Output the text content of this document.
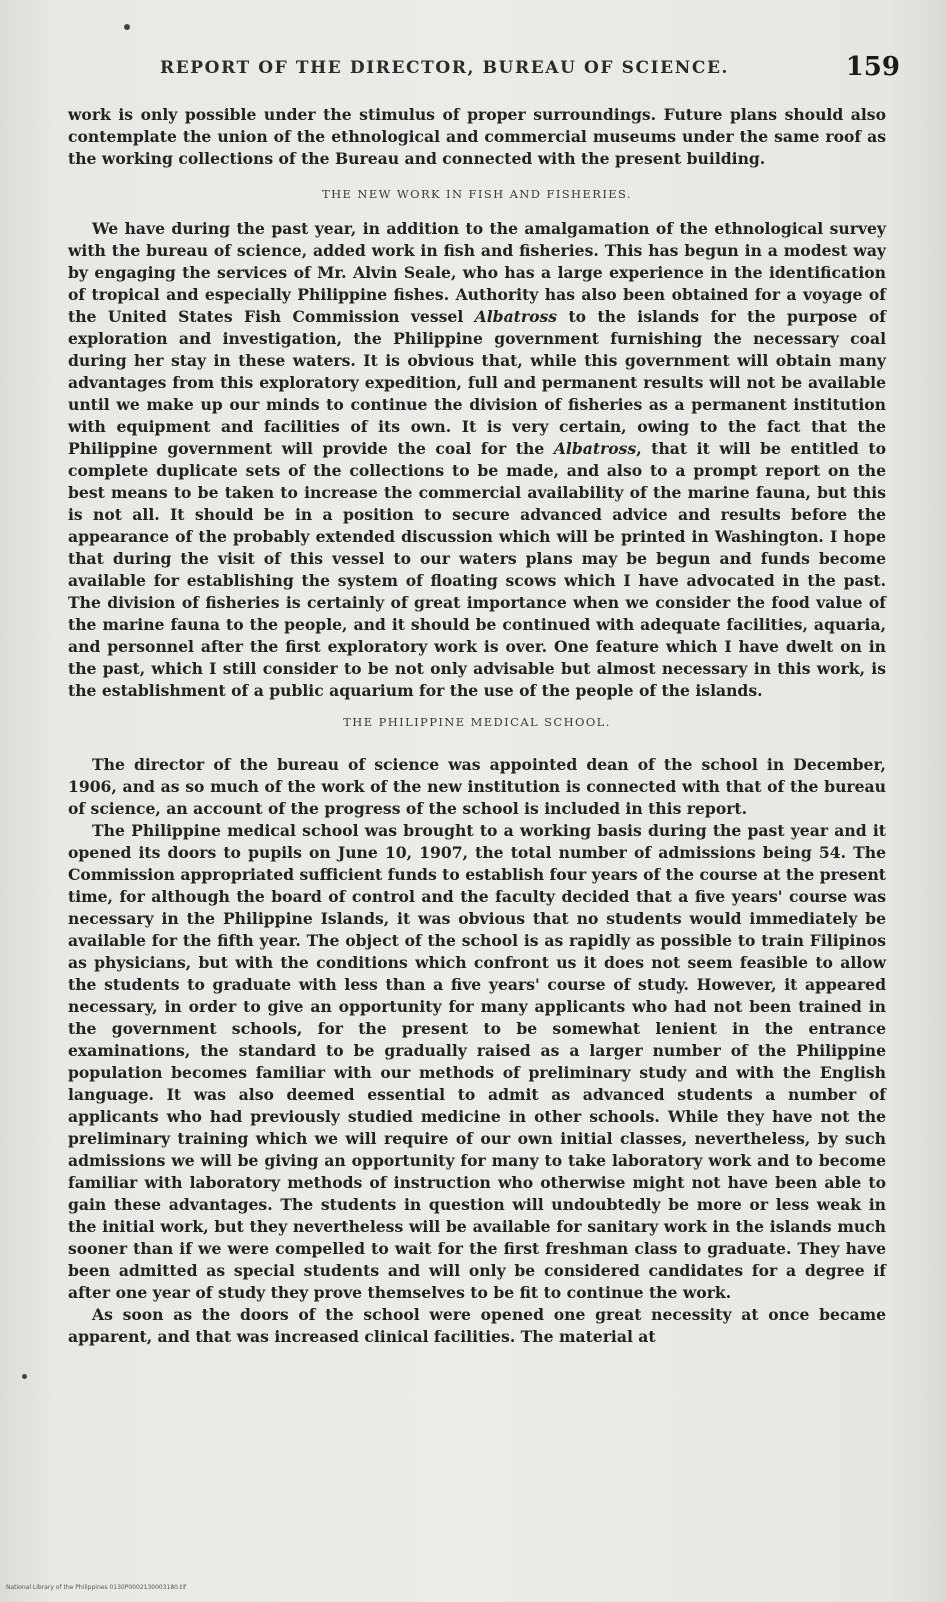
REPORT OF THE DIRECTOR, BUREAU OF SCIENCE.	159

work is only possible under the stimulus of proper surroundings. Future plans should also contemplate the union of the ethnological and commercial museums under the same roof as the working collections of the Bureau and connected with the present building.

THE NEW WORK IN FISH AND FISHERIES.

We have during the past year, in addition to the amalgamation of the ethnological survey with the bureau of science, added work in fish and fisheries. This has begun in a modest way by engaging the services of Mr. Alvin Seale, who has a large experience in the identification of tropical and especially Philippine fishes. Authority has also been obtained for a voyage of the United States Fish Commission vessel Albatross to the islands for the purpose of exploration and investigation, the Philippine government furnishing the necessary coal during her stay in these waters. It is obvious that, while this government will obtain many advantages from this exploratory expedition, full and permanent results will not be available until we make up our minds to continue the division of fisheries as a permanent institution with equipment and facilities of its own. It is very certain, owing to the fact that the Philippine government will provide the coal for the Albatross, that it will be entitled to complete duplicate sets of the collections to be made, and also to a prompt report on the best means to be taken to increase the commercial availability of the marine fauna, but this is not all. It should be in a position to secure advanced advice and results before the appearance of the probably extended discussion which will be printed in Washington. I hope that during the visit of this vessel to our waters plans may be begun and funds become available for establishing the system of floating scows which I have advocated in the past. The division of fisheries is certainly of great importance when we consider the food value of the marine fauna to the people, and it should be continued with adequate facilities, aquaria, and personnel after the first exploratory work is over. One feature which I have dwelt on in the past, which I still consider to be not only advisable but almost necessary in this work, is the establishment of a public aquarium for the use of the people of the islands.

THE PHILIPPINE MEDICAL SCHOOL.

The director of the bureau of science was appointed dean of the school in December, 1906, and as so much of the work of the new institution is connected with that of the bureau of science, an account of the progress of the school is included in this report.

The Philippine medical school was brought to a working basis during the past year and it opened its doors to pupils on June 10, 1907, the total number of admissions being 54. The Commission appropriated sufficient funds to establish four years of the course at the present time, for although the board of control and the faculty decided that a five years' course was necessary in the Philippine Islands, it was obvious that no students would immediately be available for the fifth year. The object of the school is as rapidly as possible to train Filipinos as physicians, but with the conditions which confront us it does not seem feasible to allow the students to graduate with less than a five years' course of study. However, it appeared necessary, in order to give an opportunity for many applicants who had not been trained in the government schools, for the present to be somewhat lenient in the entrance examinations, the standard to be gradually raised as a larger number of the Philippine population becomes familiar with our methods of preliminary study and with the English language. It was also deemed essential to admit as advanced students a number of applicants who had previously studied medicine in other schools. While they have not the preliminary training which we will require of our own initial classes, nevertheless, by such admissions we will be giving an opportunity for many to take laboratory work and to become familiar with laboratory methods of instruction who otherwise might not have been able to gain these advantages. The students in question will undoubtedly be more or less weak in the initial work, but they nevertheless will be available for sanitary work in the islands much sooner than if we were compelled to wait for the first freshman class to graduate. They have been admitted as special students and will only be considered candidates for a degree if after one year of study they prove themselves to be fit to continue the work.

As soon as the doors of the school were opened one great necessity at once became apparent, and that was increased clinical facilities. The material at

National Library of the Philippines 0130P0002130003180.tif
